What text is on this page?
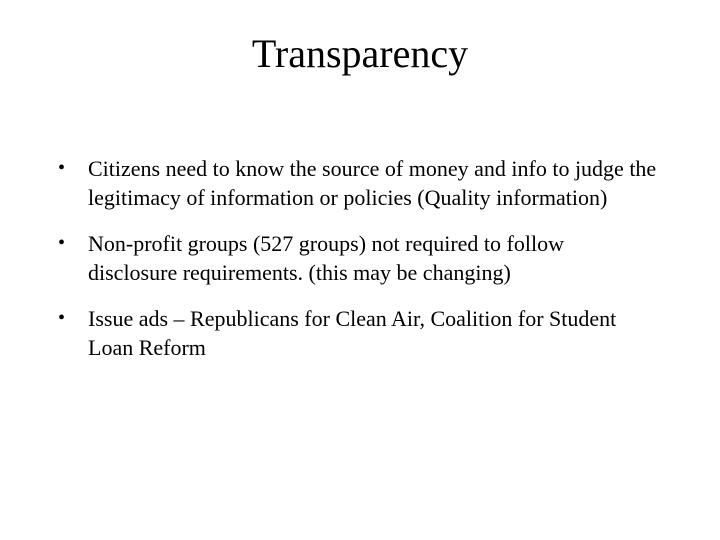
Transparency
• Citizens need to know the source of money and info to judge the legitimacy of information or policies (Quality information)
• Non-profit groups (527 groups) not required to follow disclosure requirements. (this may be changing)
• Issue ads – Republicans for Clean Air, Coalition for Student Loan Reform
